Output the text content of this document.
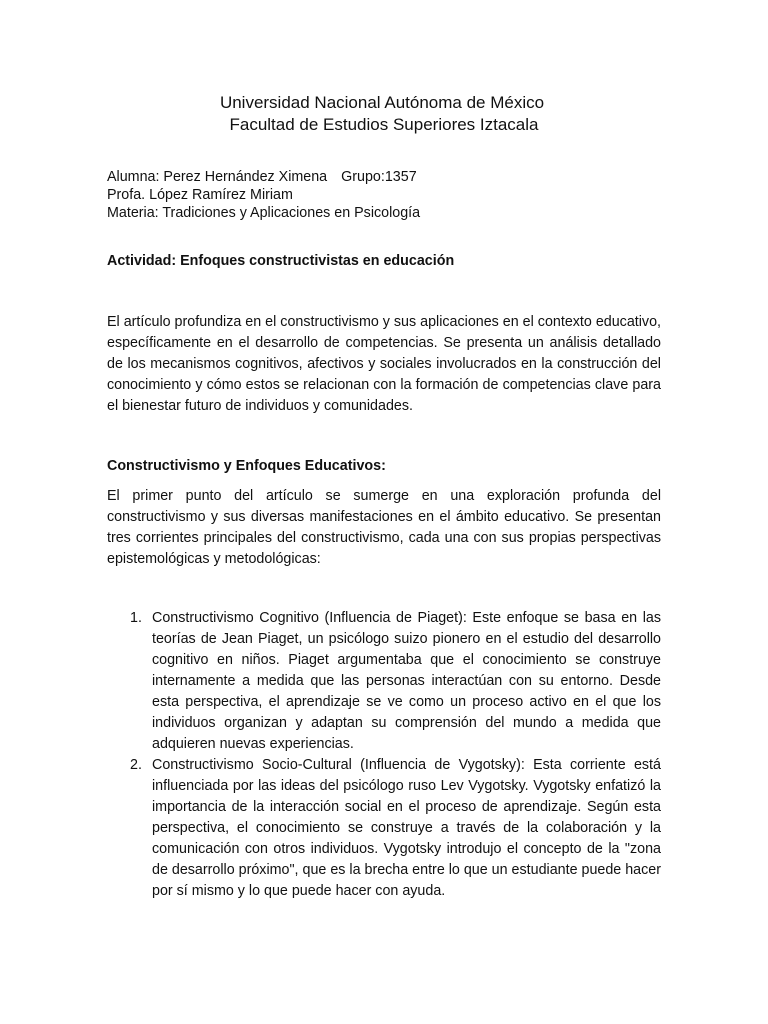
Universidad Nacional Autónoma de México
Facultad de Estudios Superiores Iztacala
Alumna: Perez Hernández Ximena Grupo:1357
Profa. López Ramírez Miriam
Materia: Tradiciones y Aplicaciones en Psicología
Actividad: Enfoques constructivistas en educación
El artículo profundiza en el constructivismo y sus aplicaciones en el contexto educativo, específicamente en el desarrollo de competencias. Se presenta un análisis detallado de los mecanismos cognitivos, afectivos y sociales involucrados en la construcción del conocimiento y cómo estos se relacionan con la formación de competencias clave para el bienestar futuro de individuos y comunidades.
Constructivismo y Enfoques Educativos:
El primer punto del artículo se sumerge en una exploración profunda del constructivismo y sus diversas manifestaciones en el ámbito educativo. Se presentan tres corrientes principales del constructivismo, cada una con sus propias perspectivas epistemológicas y metodológicas:
1. Constructivismo Cognitivo (Influencia de Piaget): Este enfoque se basa en las teorías de Jean Piaget, un psicólogo suizo pionero en el estudio del desarrollo cognitivo en niños. Piaget argumentaba que el conocimiento se construye internamente a medida que las personas interactúan con su entorno. Desde esta perspectiva, el aprendizaje se ve como un proceso activo en el que los individuos organizan y adaptan su comprensión del mundo a medida que adquieren nuevas experiencias.
2. Constructivismo Socio-Cultural (Influencia de Vygotsky): Esta corriente está influenciada por las ideas del psicólogo ruso Lev Vygotsky. Vygotsky enfatizó la importancia de la interacción social en el proceso de aprendizaje. Según esta perspectiva, el conocimiento se construye a través de la colaboración y la comunicación con otros individuos. Vygotsky introdujo el concepto de la "zona de desarrollo próximo", que es la brecha entre lo que un estudiante puede hacer por sí mismo y lo que puede hacer con ayuda.
